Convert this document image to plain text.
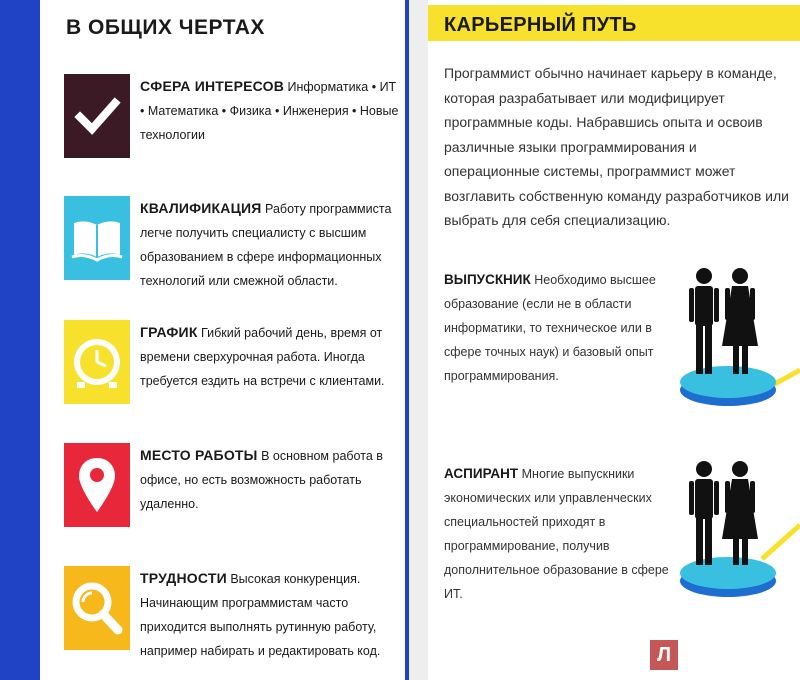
В ОБЩИХ ЧЕРТАХ
СФЕРА ИНТЕРЕСОВ Информатика • ИТ • Математика • Физика • Инженерия • Новые технологии
КВАЛИФИКАЦИЯ Работу программиста легче получить специалисту с высшим образованием в сфере информационных технологий или смежной области.
ГРАФИК Гибкий рабочий день, время от времени сверхурочная работа. Иногда требуется ездить на встречи с клиентами.
МЕСТО РАБОТЫ В основном работа в офисе, но есть возможность работать удаленно.
ТРУДНОСТИ Высокая конкуренция. Начинающим программистам часто приходится выполнять рутинную работу, например набирать и редактировать код.
КАРЬЕРНЫЙ ПУТЬ
Программист обычно начинает карьеру в команде, которая разрабатывает или модифицирует программные коды. Набравшись опыта и освоив различные языки программирования и операционные системы, программист может возглавить собственную команду разработчиков или выбрать для себя специализацию.
ВЫПУСКНИК Необходимо высшее образование (если не в области информатики, то техническое или в сфере точных наук) и базовый опыт программирования.
АСПИРАНТ Многие выпускники экономических или управленческих специальностей приходят в программирование, получив дополнительное образование в сфере ИТ.
Л
